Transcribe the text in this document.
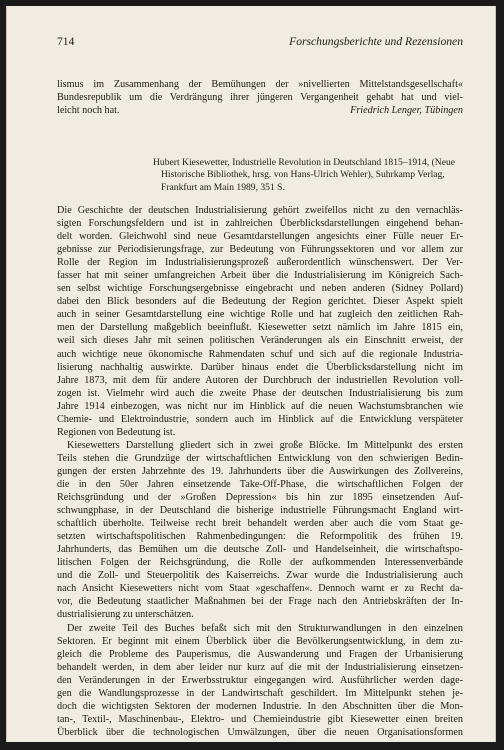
714	Forschungsberichte und Rezensionen
lismus im Zusammenhang der Bemühungen der »nivellierten Mittelstandsgesellschaft«
Bundesrepublik um die Verdrängung ihrer jüngeren Vergangenheit gehabt hat und viel-
leicht noch hat.	Friedrich Lenger, Tübingen
Hubert Kiesewetter, Industrielle Revolution in Deutschland 1815–1914, (Neue
Historische Bibliothek, hrsg. von Hans-Ulrich Wehler), Suhrkamp Verlag,
Frankfurt am Main 1989, 351 S.
Die Geschichte der deutschen Industrialisierung gehört zweifellos nicht zu den vernachläs-
sigten Forschungsfeldern und ist in zahlreichen Überblicksdarstellungen eingehend behan-
delt worden. Gleichwohl sind neue Gesamtdarstellungen angesichts einer Fülle neuer Er-
gebnisse zur Periodisierungsfrage, zur Bedeutung von Führungssektoren und vor allem zur
Rolle der Region im Industrialisierungsprozeß außerordentlich wünschenswert. Der Ver-
fasser hat mit seiner umfangreichen Arbeit über die Industrialisierung im Königreich Sach-
sen selbst wichtige Forschungsergebnisse eingebracht und neben anderen (Sidney Pollard)
dabei den Blick besonders auf die Bedeutung der Region gerichtet. Dieser Aspekt spielt
auch in seiner Gesamtdarstellung eine wichtige Rolle und hat zugleich den zeitlichen Rah-
men der Darstellung maßgeblich beeinflußt. Kiesewetter setzt nämlich im Jahre 1815 ein,
weil sich dieses Jahr mit seinen politischen Veränderungen als ein Einschnitt erweist, der
auch wichtige neue ökonomische Rahmendaten schuf und sich auf die regionale Industria-
lisierung nachhaltig auswirkte. Darüber hinaus endet die Überblicksdarstellung nicht im
Jahre 1873, mit dem für andere Autoren der Durchbruch der industriellen Revolution voll-
zogen ist. Vielmehr wird auch die zweite Phase der deutschen Industrialisierung bis zum
Jahre 1914 einbezogen, was nicht nur im Hinblick auf die neuen Wachstumsbranchen wie
Chemie- und Elektroindustrie, sondern auch im Hinblick auf die Entwicklung verspäteter
Regionen von Bedeutung ist.
Kiesewetters Darstellung gliedert sich in zwei große Blöcke. Im Mittelpunkt des ersten
Teils stehen die Grundzüge der wirtschaftlichen Entwicklung von den schwierigen Bedin-
gungen der ersten Jahrzehnte des 19. Jahrhunderts über die Auswirkungen des Zollvereins,
die in den 50er Jahren einsetzende Take-Off-Phase, die wirtschaftlichen Folgen der
Reichsgründung und der »Großen Depression« bis hin zur 1895 einsetzenden Auf-
schwungphase, in der Deutschland die bisherige industrielle Führungsmacht England wirt-
schaftlich überholte. Teilweise recht breit behandelt werden aber auch die vom Staat ge-
setzten wirtschaftspolitischen Rahmenbedingungen: die Reformpolitik des frühen 19.
Jahrhunderts, das Bemühen um die deutsche Zoll- und Handelseinheit, die wirtschaftspo-
litischen Folgen der Reichsgründung, die Rolle der aufkommenden Interessenverbände
und die Zoll- und Steuerpolitik des Kaiserreichs. Zwar wurde die Industrialisierung auch
nach Ansicht Kiesewetters nicht vom Staat »geschaffen«. Dennoch warnt er zu Recht da-
vor, die Bedeutung staatlicher Maßnahmen bei der Frage nach den Antriebskräften der In-
dustrialisierung zu unterschätzen.
Der zweite Teil des Buches befaßt sich mit den Strukturwandlungen in den einzelnen
Sektoren. Er beginnt mit einem Überblick über die Bevölkerungsentwicklung, in dem zu-
gleich die Probleme des Pauperismus, die Auswanderung und Fragen der Urbanisierung
behandelt werden, in dem aber leider nur kurz auf die mit der Industrialisierung einsetzen-
den Veränderungen in der Erwerbsstruktur eingegangen wird. Ausführlicher werden dage-
gen die Wandlungsprozesse in der Landwirtschaft geschildert. Im Mittelpunkt stehen je-
doch die wichtigsten Sektoren der modernen Industrie. In den Abschnitten über die Mon-
tan-, Textil-, Maschinenbau-, Elektro- und Chemieindustrie gibt Kiesewetter einen breiten
Überblick über die technologischen Umwälzungen, über die neuen Organisationsformen
